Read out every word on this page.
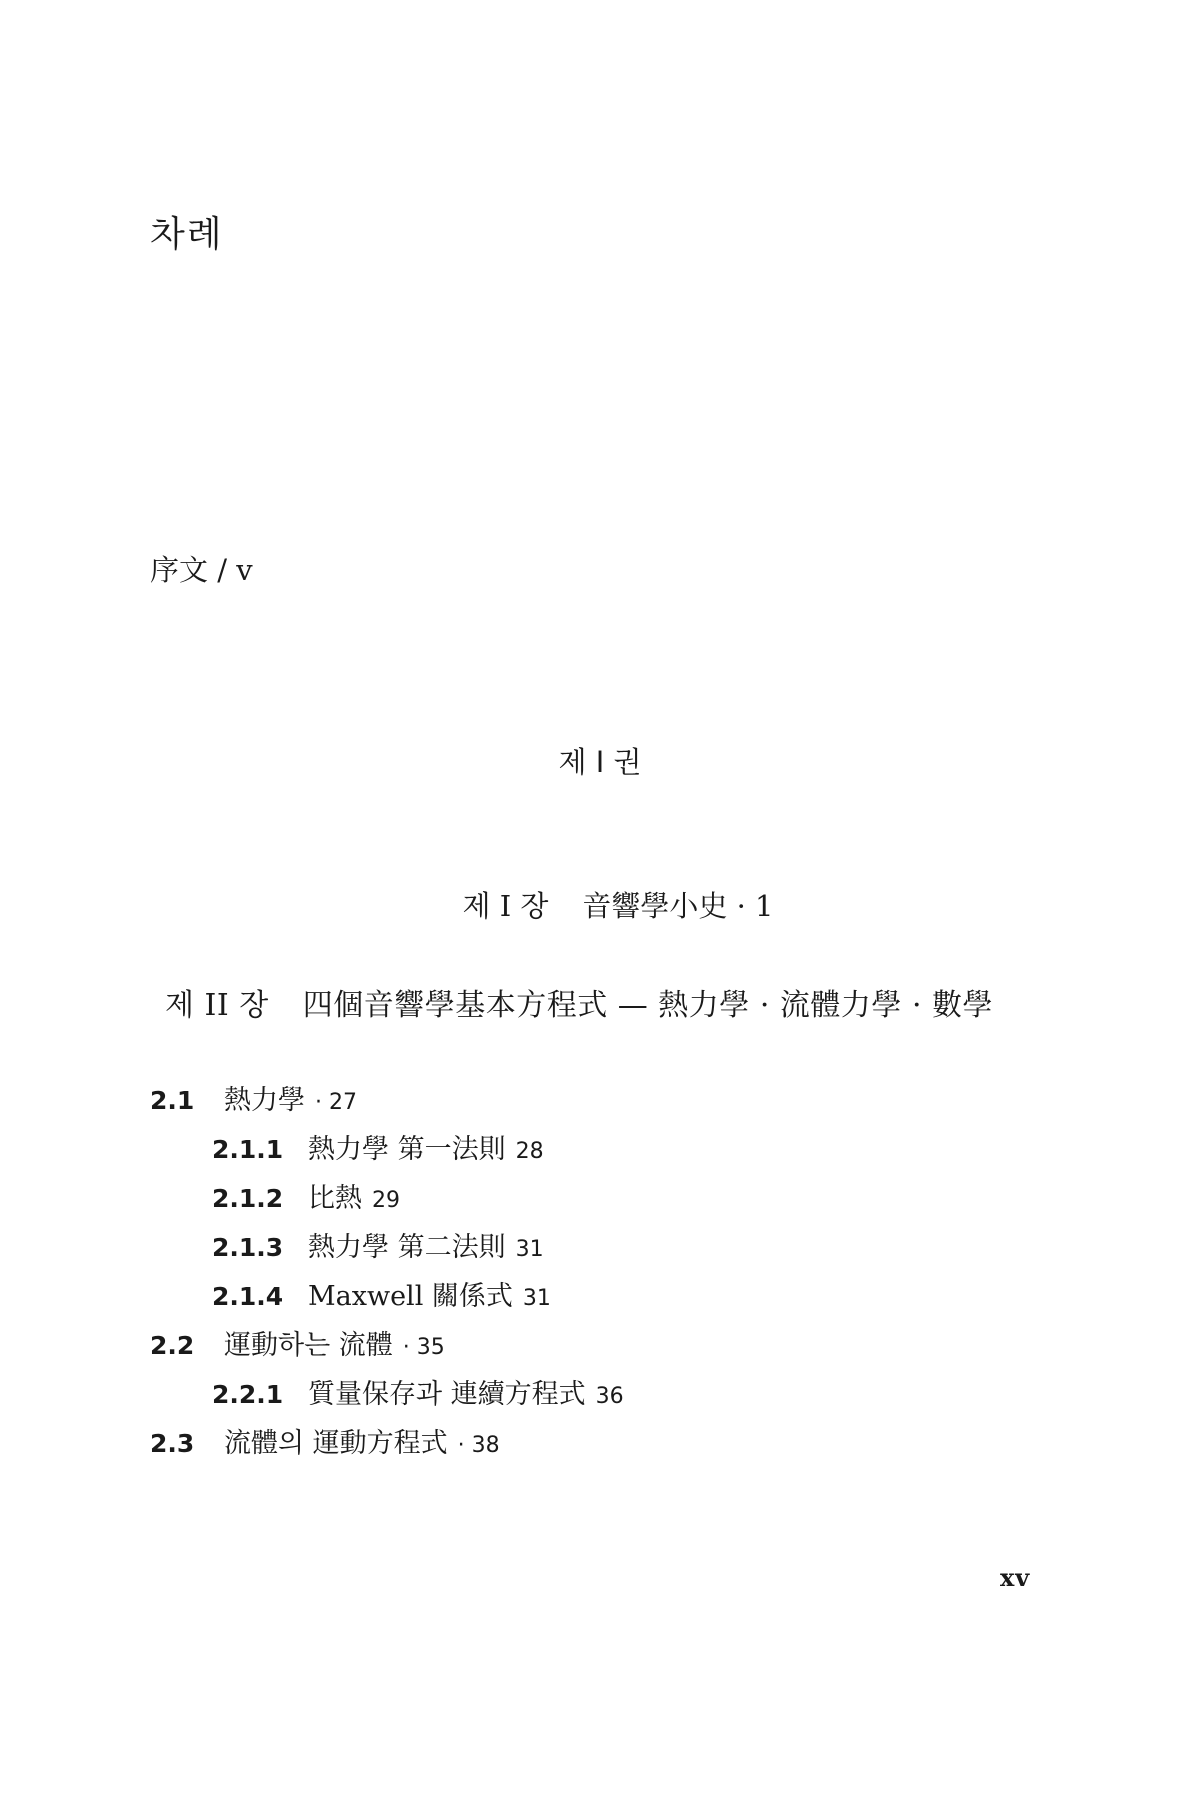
차례
序文 / v
제 I 권
제 I 장 音響學小史 · 1
제 II 장 四個音響學基本方程式 — 熱力學 · 流體力學 · 數學
2.1	熱力學 · 27
2.1.1 熱力學 第一法則 28
2.1.2 比熱 29
2.1.3 熱力學 第二法則 31
2.1.4 Maxwell 關係式 31
2.2	運動하는 流體 · 35
2.2.1 質量保存과 連續方程式 36
2.3	流體의 運動方程式 · 38
xv
